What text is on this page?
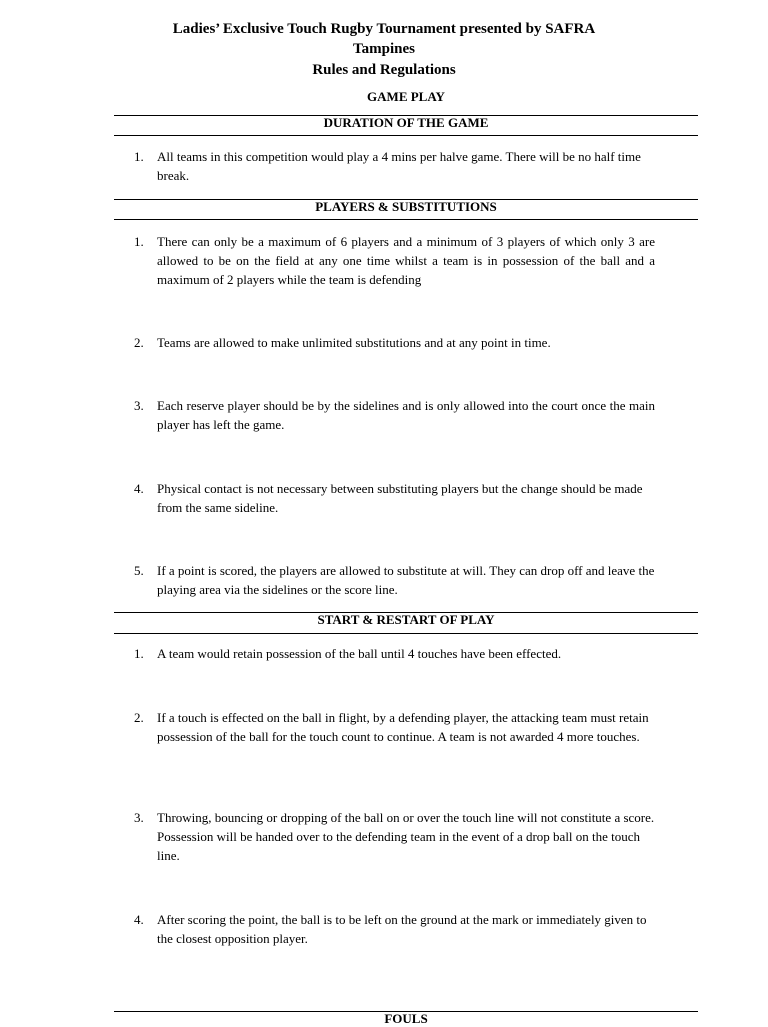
Ladies’ Exclusive Touch Rugby Tournament presented by SAFRA
Tampines
Rules and Regulations
GAME PLAY
DURATION OF THE GAME
1. All teams in this competition would play a 4 mins per halve game. There will be no half time break.
PLAYERS & SUBSTITUTIONS
1. There can only be a maximum of 6 players and a minimum of 3 players of which only 3 are allowed to be on the field at any one time whilst a team is in possession of the ball and a maximum of 2 players while the team is defending
2. Teams are allowed to make unlimited substitutions and at any point in time.
3. Each reserve player should be by the sidelines and is only allowed into the court once the main player has left the game.
4. Physical contact is not necessary between substituting players but the change should be made from the same sideline.
5. If a point is scored, the players are allowed to substitute at will. They can drop off and leave the playing area via the sidelines or the score line.
START & RESTART OF PLAY
1. A team would retain possession of the ball until 4 touches have been effected.
2. If a touch is effected on the ball in flight, by a defending player, the attacking team must retain possession of the ball for the touch count to continue. A team is not awarded 4 more touches.
3. Throwing, bouncing or dropping of the ball on or over the touch line will not constitute a score. Possession will be handed over to the defending team in the event of a drop ball on the touch line.
4. After scoring the point, the ball is to be left on the ground at the mark or immediately given to the closest opposition player.
FOULS
